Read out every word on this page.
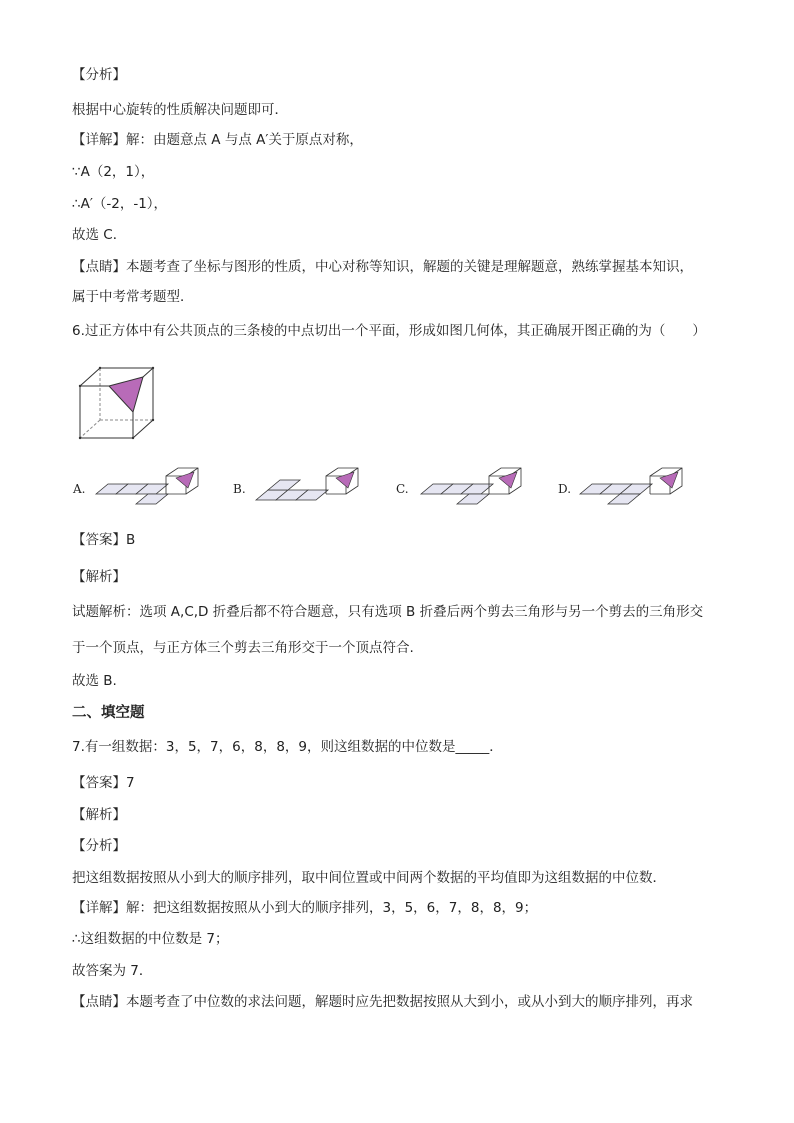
【分析】
根据中心旋转的性质解决问题即可．
【详解】解：由题意点 A 与点 A′关于原点对称，
∵A（2，1），
∴A′（-2，-1），
故选 C．
【点睛】本题考查了坐标与图形的性质，中心对称等知识，解题的关键是理解题意，熟练掌握基本知识，
属于中考常考题型．
6.过正方体中有公共顶点的三条棱的中点切出一个平面，形成如图几何体，其正确展开图正确的为（　　）
A.	B.	C.	D.
【答案】B
【解析】
试题解析：选项 A,C,D 折叠后都不符合题意，只有选项 B 折叠后两个剪去三角形与另一个剪去的三角形交
于一个顶点，与正方体三个剪去三角形交于一个顶点符合.
故选 B.
二、填空题
7.有一组数据：3，5，7，6，8，8，9，则这组数据的中位数是_____．
【答案】7
【解析】
【分析】
把这组数据按照从小到大的顺序排列，取中间位置或中间两个数据的平均值即为这组数据的中位数．
【详解】解：把这组数据按照从小到大的顺序排列，3，5，6，7，8，8，9；
∴这组数据的中位数是 7；
故答案为 7．
【点睛】本题考查了中位数的求法问题，解题时应先把数据按照从大到小，或从小到大的顺序排列，再求
